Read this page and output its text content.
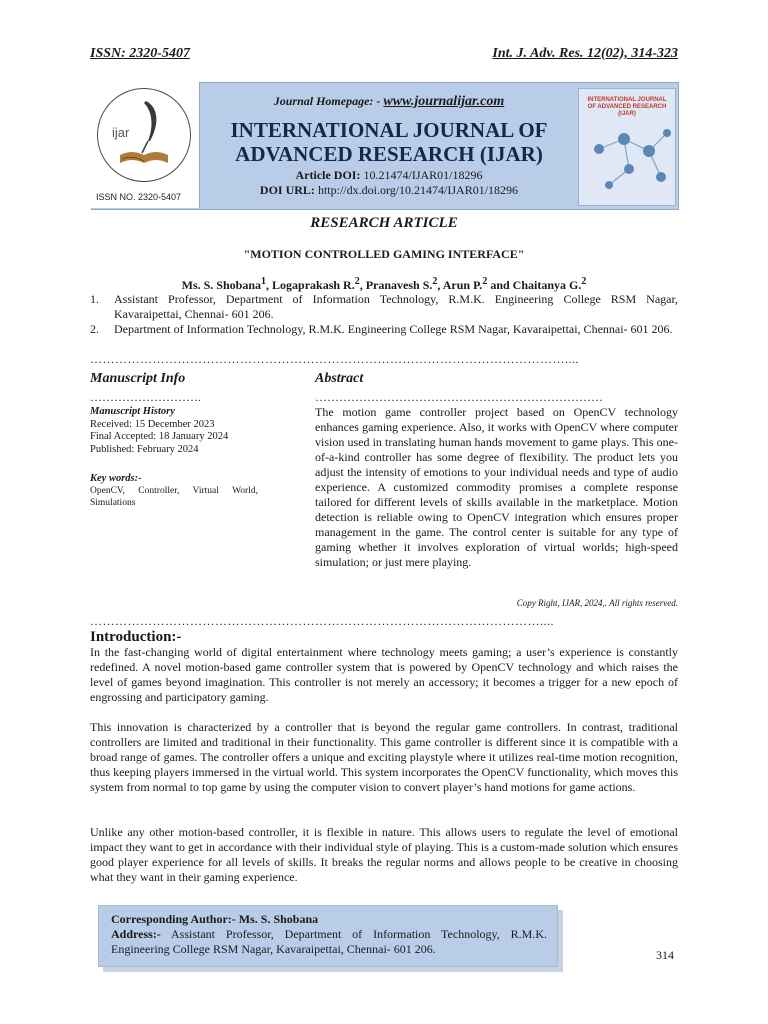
ISSN: 2320-5407	Int. J. Adv. Res. 12(02), 314-323
ijar
ISSN NO. 2320-5407
Journal Homepage: - www.journalijar.com
INTERNATIONAL JOURNAL OF
ADVANCED RESEARCH (IJAR)
Article DOI: 10.21474/IJAR01/18296
DOI URL: http://dx.doi.org/10.21474/IJAR01/18296
INTERNATIONAL JOURNAL OF ADVANCED RESEARCH (IJAR)
RESEARCH ARTICLE
"MOTION CONTROLLED GAMING INTERFACE"
Ms. S. Shobana$^1$, Logaprakash R.$^2$, Pranavesh S.$^2$, Arun P.$^2$ and Chaitanya G.$^2$
1. Assistant Professor, Department of Information Technology, R.M.K. Engineering College RSM Nagar, Kavaraipettai, Chennai- 601 206.
2. Department of Information Technology, R.M.K. Engineering College RSM Nagar, Kavaraipettai, Chennai- 601 206.
……………………………………………………………………………………………………....
Manuscript Info
……………………….
Manuscript History
Received: 15 December 2023
Final Accepted: 18 January 2024
Published: February 2024
Key words:-
OpenCV, Controller, Virtual World, Simulations
Abstract
………………………………………………………………
The motion game controller project based on OpenCV technology enhances gaming experience. Also, it works with OpenCV where computer vision used in translating human hands movement to game plays. This one-of-a-kind controller has some degree of flexibility. The product lets you adjust the intensity of emotions to your individual needs and type of audio experience. A customized commodity promises a complete response tailored for different levels of skills available in the marketplace. Motion detection is reliable owing to OpenCV integration which ensures proper management in the game. The control center is suitable for any type of gaming whether it involves exploration of virtual worlds; high-speed simulation; or just mere playing.
Copy Right, IJAR, 2024,. All rights reserved.
………………………………………………………………………………………………....
Introduction:-
In the fast-changing world of digital entertainment where technology meets gaming; a user’s experience is constantly redefined. A novel motion-based game controller system that is powered by OpenCV technology and which raises the level of games beyond imagination. This controller is not merely an accessory; it becomes a trigger for a new epoch of engrossing and participatory gaming.
This innovation is characterized by a controller that is beyond the regular game controllers. In contrast, traditional controllers are limited and traditional in their functionality. This game controller is different since it is compatible with a broad range of games. The controller offers a unique and exciting playstyle where it utilizes real-time motion recognition, thus keeping players immersed in the virtual world. This system incorporates the OpenCV functionality, which moves this system from normal to top game by using the computer vision to convert player’s hand motions for game actions.
Unlike any other motion-based controller, it is flexible in nature. This allows users to regulate the level of emotional impact they want to get in accordance with their individual style of playing. This is a custom-made solution which ensures good player experience for all levels of skills. It breaks the regular norms and allows people to be creative in choosing what they want in their gaming experience.
Corresponding Author:- Ms. S. Shobana
Address:- Assistant Professor, Department of Information Technology, R.M.K. Engineering College RSM Nagar, Kavaraipettai, Chennai- 601 206.	314
